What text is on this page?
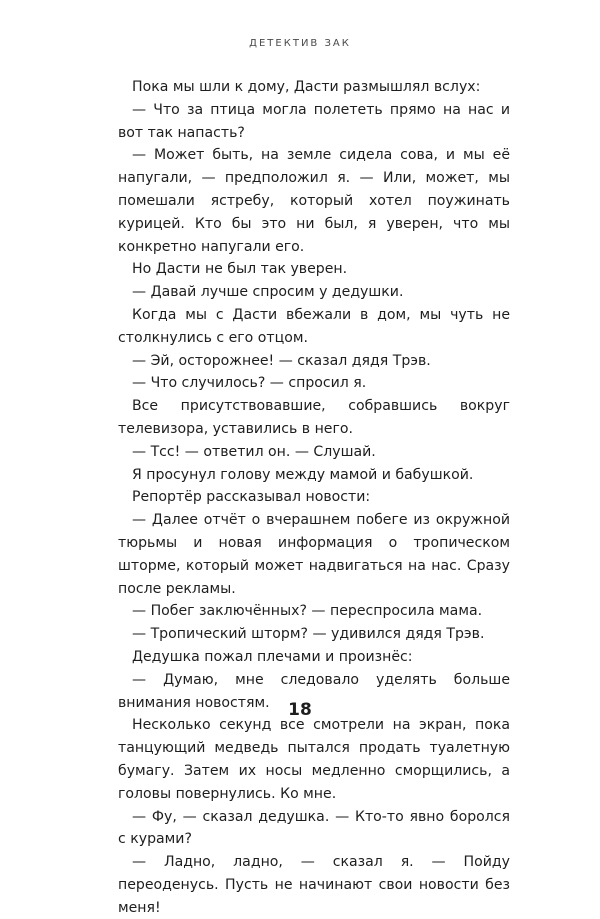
ДЕТЕКТИВ ЗАК

Пока мы шли к дому, Дасти размышлял вслух:

— Что за птица могла полететь прямо на нас и вот так напасть?

— Может быть, на земле сидела сова, и мы её напугали, — предположил я. — Или, может, мы помешали ястребу, который хотел поужинать курицей. Кто бы это ни был, я уверен, что мы конкретно напугали его.

Но Дасти не был так уверен.

— Давай лучше спросим у дедушки.

Когда мы с Дасти вбежали в дом, мы чуть не столкнулись с его отцом.

— Эй, осторожнее! — сказал дядя Трэв.

— Что случилось? — спросил я.

Все присутствовавшие, собравшись вокруг телевизора, уставились в него.

— Тсс! — ответил он. — Слушай.

Я просунул голову между мамой и бабушкой.

Репортёр рассказывал новости:

— Далее отчёт о вчерашнем побеге из окружной тюрьмы и новая информация о тропическом шторме, который может надвигаться на нас. Сразу после рекламы.

— Побег заключённых? — переспросила мама.

— Тропический шторм? — удивился дядя Трэв.

Дедушка пожал плечами и произнёс:

— Думаю, мне следовало уделять больше внимания новостям.

Несколько секунд все смотрели на экран, пока танцующий медведь пытался продать туалетную бумагу. Затем их носы медленно сморщились, а головы повернулись. Ко мне.

— Фу, — сказал дедушка. — Кто-то явно боролся с курами?

— Ладно, ладно, — сказал я. — Пойду переоденусь. Пусть не начинают свои новости без меня!

18
